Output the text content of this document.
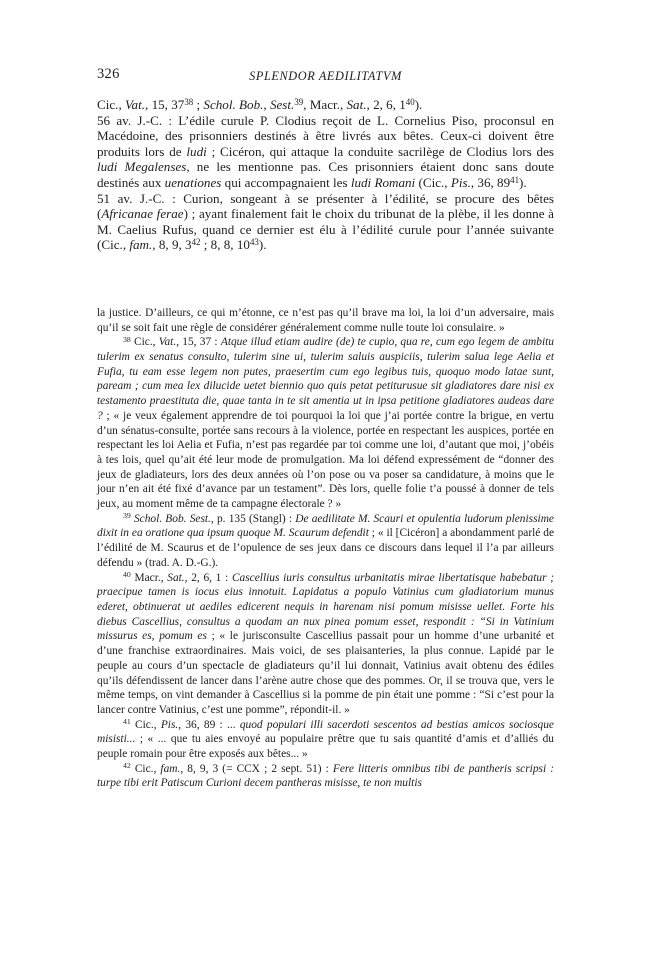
326	SPLENDOR AEDILITATVM

Cic., Vat., 15, $37^{38}$ ; Schol. Bob., Sest.$^{39}$, Macr., Sat., 2, 6, $1^{40}$).

56 av. J.-C. : L’édile curule P. Clodius reçoit de L. Cornelius Piso, proconsul en Macédoine, des prisonniers destinés à être livrés aux bêtes. Ceux-ci doivent être produits lors de ludi ; Cicéron, qui attaque la conduite sacrilège de Clodius lors des ludi Megalenses, ne les mentionne pas. Ces prisonniers étaient donc sans doute destinés aux uenationes qui accompagnaient les ludi Romani (Cic., Pis., 36, $89^{41}$).

51 av. J.-C. : Curion, songeant à se présenter à l’édilité, se procure des bêtes (Africanae ferae) ; ayant finalement fait le choix du tribunat de la plèbe, il les donne à M. Caelius Rufus, quand ce dernier est élu à l’édilité curule pour l’année suivante (Cic., fam., 8, 9, $3^{42}$ ; 8, 8, $10^{43}$).

la justice. D’ailleurs, ce qui m’étonne, ce n’est pas qu’il brave ma loi, la loi d’un adversaire, mais qu’il se soit fait une règle de considérer généralement comme nulle toute loi consulaire. »

$^{38}$ Cic., Vat., 15, 37 : Atque illud etiam audire (de) te cupio, qua re, cum ego legem de ambitu tulerim ex senatus consulto, tulerim sine ui, tulerim saluis auspiciis, tulerim salua lege Aelia et Fufia, tu eam esse legem non putes, praesertim cum ego legibus tuis, quoquo modo latae sunt, paream ; cum mea lex dilucide uetet biennio quo quis petat petiturusue sit gladiatores dare nisi ex testamento praestituta die, quae tanta in te sit amentia ut in ipsa petitione gladiatores audeas dare ? ; « je veux également apprendre de toi pourquoi la loi que j’ai portée contre la brigue, en vertu d’un sénatus-consulte, portée sans recours à la violence, portée en respectant les auspices, portée en respectant les loi Aelia et Fufia, n’est pas regardée par toi comme une loi, d’autant que moi, j’obéis à tes lois, quel qu’ait été leur mode de promulgation. Ma loi défend expressément de “donner des jeux de gladiateurs, lors des deux années où l’on pose ou va poser sa candidature, à moins que le jour n’en ait été fixé d’avance par un testament”. Dès lors, quelle folie t’a poussé à donner de tels jeux, au moment même de ta campagne électorale ? »

$^{39}$ Schol. Bob. Sest., p. 135 (Stangl) : De aedilitate M. Scauri et opulentia ludorum plenissime dixit in ea oratione qua ipsum quoque M. Scaurum defendit ; « il [Cicéron] a abondamment parlé de l’édilité de M. Scaurus et de l’opulence de ses jeux dans ce discours dans lequel il l’a par ailleurs défendu » (trad. A. D.-G.).

$^{40}$ Macr., Sat., 2, 6, 1 : Cascellius iuris consultus urbanitatis mirae libertatisque habebatur ; praecipue tamen is iocus eius innotuit. Lapidatus a populo Vatinius cum gladiatorium munus ederet, obtinuerat ut aediles edicerent nequis in harenam nisi pomum misisse uellet. Forte his diebus Cascellius, consultus a quodam an nux pinea pomum esset, respondit : “Si in Vatinium missurus es, pomum es ; « le jurisconsulte Cascellius passait pour un homme d’une urbanité et d’une franchise extraordinaires. Mais voici, de ses plaisanteries, la plus connue. Lapidé par le peuple au cours d’un spectacle de gladiateurs qu’il lui donnait, Vatinius avait obtenu des édiles qu’ils défendissent de lancer dans l’arène autre chose que des pommes. Or, il se trouva que, vers le même temps, on vint demander à Cascellius si la pomme de pin était une pomme : “Si c’est pour la lancer contre Vatinius, c’est une pomme”, répondit-il. »

$^{41}$ Cic., Pis., 36, 89 : ... quod populari illi sacerdoti sescentos ad bestias amicos sociosque misisti... ; « ... que tu aies envoyé au populaire prêtre que tu sais quantité d’amis et d’alliés du peuple romain pour être exposés aux bêtes... »

$^{42}$ Cic., fam., 8, 9, 3 (= CCX ; 2 sept. 51) : Fere litteris omnibus tibi de pantheris scripsi : turpe tibi erit Patiscum Curioni decem pantheras misisse, te non multis
